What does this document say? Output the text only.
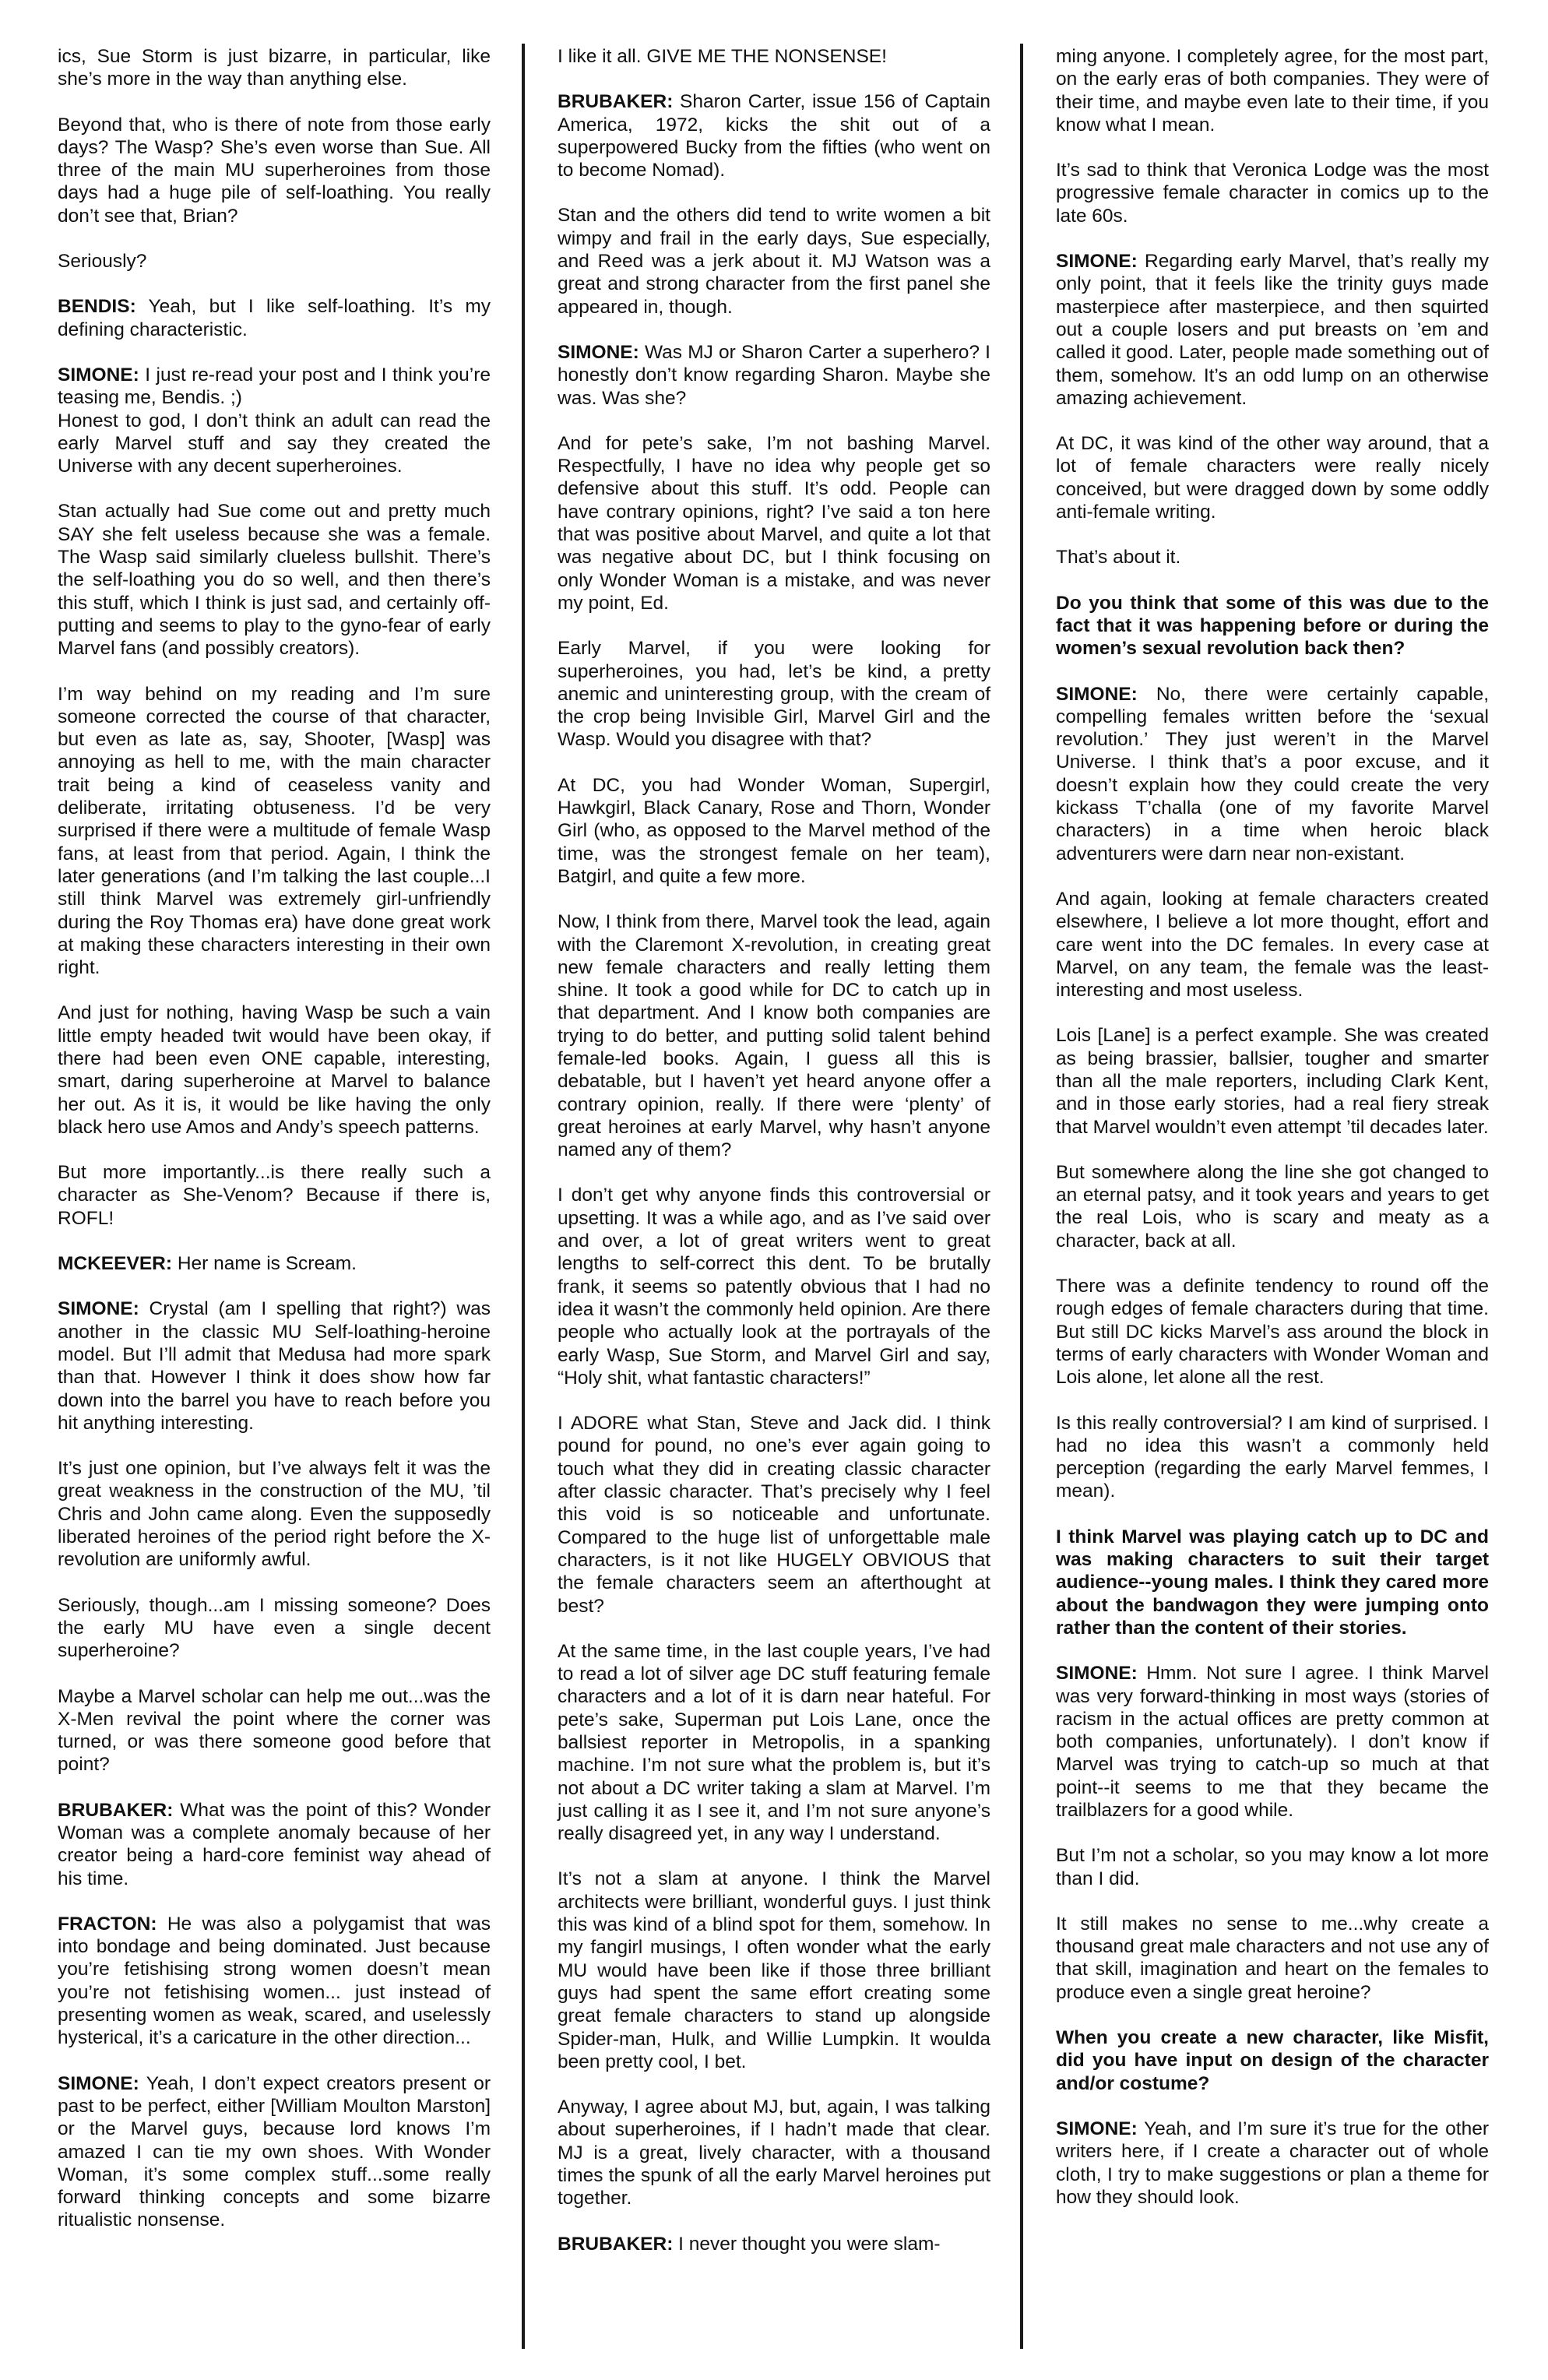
ics, Sue Storm is just bizarre, in particular, like she’s more in the way than anything else.

Beyond that, who is there of note from those early days? The Wasp? She’s even worse than Sue. All three of the main MU superheroines from those days had a huge pile of self-loathing. You really don’t see that, Brian?

Seriously?

BENDIS: Yeah, but I like self-loathing. It’s my defining characteristic.

SIMONE: I just re-read your post and I think you’re teasing me, Bendis. ;)

Honest to god, I don’t think an adult can read the early Marvel stuff and say they created the Universe with any decent superheroines.

Stan actually had Sue come out and pretty much SAY she felt useless because she was a female. The Wasp said similarly clueless bullshit. There’s the self-loathing you do so well, and then there’s this stuff, which I think is just sad, and certainly off-putting and seems to play to the gyno-fear of early Marvel fans (and possibly creators).

I’m way behind on my reading and I’m sure someone corrected the course of that character, but even as late as, say, Shooter, [Wasp] was annoying as hell to me, with the main character trait being a kind of ceaseless vanity and deliberate, irritating obtuseness. I’d be very surprised if there were a multitude of female Wasp fans, at least from that period. Again, I think the later generations (and I’m talking the last couple...I still think Marvel was extremely girl-unfriendly during the Roy Thomas era) have done great work at making these characters interesting in their own right.

And just for nothing, having Wasp be such a vain little empty headed twit would have been okay, if there had been even ONE capable, interesting, smart, daring superheroine at Marvel to balance her out. As it is, it would be like having the only black hero use Amos and Andy’s speech patterns.

But more importantly...is there really such a character as She-Venom? Because if there is, ROFL!

MCKEEVER: Her name is Scream.

SIMONE: Crystal (am I spelling that right?) was another in the classic MU Self-loathing-heroine model. But I’ll admit that Medusa had more spark than that. However I think it does show how far down into the barrel you have to reach before you hit anything interesting.

It’s just one opinion, but I’ve always felt it was the great weakness in the construction of the MU, ’til Chris and John came along. Even the supposedly liberated heroines of the period right before the X-revolution are uniformly awful.

Seriously, though...am I missing someone? Does the early MU have even a single decent superheroine?

Maybe a Marvel scholar can help me out...was the X-Men revival the point where the corner was turned, or was there someone good before that point?

BRUBAKER: What was the point of this? Wonder Woman was a complete anomaly because of her creator being a hard-core feminist way ahead of his time.

FRACTON: He was also a polygamist that was into bondage and being dominated. Just because you’re fetishising strong women doesn’t mean you’re not fetishising women... just instead of presenting women as weak, scared, and uselessly hysterical, it’s a caricature in the other direction...

SIMONE: Yeah, I don’t expect creators present or past to be perfect, either [William Moulton Marston] or the Marvel guys, because lord knows I’m amazed I can tie my own shoes. With Wonder Woman, it’s some complex stuff...some really forward thinking concepts and some bizarre ritualistic nonsense.

I like it all. GIVE ME THE NONSENSE!

BRUBAKER: Sharon Carter, issue 156 of Captain America, 1972, kicks the shit out of a superpowered Bucky from the fifties (who went on to become Nomad).

Stan and the others did tend to write women a bit wimpy and frail in the early days, Sue especially, and Reed was a jerk about it. MJ Watson was a great and strong character from the first panel she appeared in, though.

SIMONE: Was MJ or Sharon Carter a superhero? I honestly don’t know regarding Sharon. Maybe she was. Was she?

And for pete’s sake, I’m not bashing Marvel. Respectfully, I have no idea why people get so defensive about this stuff. It’s odd. People can have contrary opinions, right? I’ve said a ton here that was positive about Marvel, and quite a lot that was negative about DC, but I think focusing on only Wonder Woman is a mistake, and was never my point, Ed.

Early Marvel, if you were looking for superheroines, you had, let’s be kind, a pretty anemic and uninteresting group, with the cream of the crop being Invisible Girl, Marvel Girl and the Wasp. Would you disagree with that?

At DC, you had Wonder Woman, Supergirl, Hawkgirl, Black Canary, Rose and Thorn, Wonder Girl (who, as opposed to the Marvel method of the time, was the strongest female on her team), Batgirl, and quite a few more.

Now, I think from there, Marvel took the lead, again with the Claremont X-revolution, in creating great new female characters and really letting them shine. It took a good while for DC to catch up in that department. And I know both companies are trying to do better, and putting solid talent behind female-led books. Again, I guess all this is debatable, but I haven’t yet heard anyone offer a contrary opinion, really. If there were ‘plenty’ of great heroines at early Marvel, why hasn’t anyone named any of them?

I don’t get why anyone finds this controversial or upsetting. It was a while ago, and as I’ve said over and over, a lot of great writers went to great lengths to self-correct this dent. To be brutally frank, it seems so patently obvious that I had no idea it wasn’t the commonly held opinion. Are there people who actually look at the portrayals of the early Wasp, Sue Storm, and Marvel Girl and say, “Holy shit, what fantastic characters!”

I ADORE what Stan, Steve and Jack did. I think pound for pound, no one’s ever again going to touch what they did in creating classic character after classic character. That’s precisely why I feel this void is so noticeable and unfortunate. Compared to the huge list of unforgettable male characters, is it not like HUGELY OBVIOUS that the female characters seem an afterthought at best?

At the same time, in the last couple years, I’ve had to read a lot of silver age DC stuff featuring female characters and a lot of it is darn near hateful. For pete’s sake, Superman put Lois Lane, once the ballsiest reporter in Metropolis, in a spanking machine. I’m not sure what the problem is, but it’s not about a DC writer taking a slam at Marvel. I’m just calling it as I see it, and I’m not sure anyone’s really disagreed yet, in any way I understand.

It’s not a slam at anyone. I think the Marvel architects were brilliant, wonderful guys. I just think this was kind of a blind spot for them, somehow. In my fangirl musings, I often wonder what the early MU would have been like if those three brilliant guys had spent the same effort creating some great female characters to stand up alongside Spider-man, Hulk, and Willie Lumpkin. It woulda been pretty cool, I bet.

Anyway, I agree about MJ, but, again, I was talking about superheroines, if I hadn’t made that clear. MJ is a great, lively character, with a thousand times the spunk of all the early Marvel heroines put together.

BRUBAKER: I never thought you were slam-

ming anyone. I completely agree, for the most part, on the early eras of both companies. They were of their time, and maybe even late to their time, if you know what I mean.

It’s sad to think that Veronica Lodge was the most progressive female character in comics up to the late 60s.

SIMONE: Regarding early Marvel, that’s really my only point, that it feels like the trinity guys made masterpiece after masterpiece, and then squirted out a couple losers and put breasts on ’em and called it good. Later, people made something out of them, somehow. It’s an odd lump on an otherwise amazing achievement.

At DC, it was kind of the other way around, that a lot of female characters were really nicely conceived, but were dragged down by some oddly anti-female writing.

That’s about it.

Do you think that some of this was due to the fact that it was happening before or during the women’s sexual revolution back then?

SIMONE: No, there were certainly capable, compelling females written before the ‘sexual revolution.’ They just weren’t in the Marvel Universe. I think that’s a poor excuse, and it doesn’t explain how they could create the very kickass T’challa (one of my favorite Marvel characters) in a time when heroic black adventurers were darn near non-existant.

And again, looking at female characters created elsewhere, I believe a lot more thought, effort and care went into the DC females. In every case at Marvel, on any team, the female was the least-interesting and most useless.

Lois [Lane] is a perfect example. She was created as being brassier, ballsier, tougher and smarter than all the male reporters, including Clark Kent, and in those early stories, had a real fiery streak that Marvel wouldn’t even attempt ’til decades later.

But somewhere along the line she got changed to an eternal patsy, and it took years and years to get the real Lois, who is scary and meaty as a character, back at all.

There was a definite tendency to round off the rough edges of female characters during that time. But still DC kicks Marvel’s ass around the block in terms of early characters with Wonder Woman and Lois alone, let alone all the rest.

Is this really controversial? I am kind of surprised. I had no idea this wasn’t a commonly held perception (regarding the early Marvel femmes, I mean).

I think Marvel was playing catch up to DC and was making characters to suit their target audience--young males. I think they cared more about the bandwagon they were jumping onto rather than the content of their stories.

SIMONE: Hmm. Not sure I agree. I think Marvel was very forward-thinking in most ways (stories of racism in the actual offices are pretty common at both companies, unfortunately). I don’t know if Marvel was trying to catch-up so much at that point--it seems to me that they became the trailblazers for a good while.

But I’m not a scholar, so you may know a lot more than I did.

It still makes no sense to me...why create a thousand great male characters and not use any of that skill, imagination and heart on the females to produce even a single great heroine?

When you create a new character, like Misfit, did you have input on design of the character and/or costume?

SIMONE: Yeah, and I’m sure it’s true for the other writers here, if I create a character out of whole cloth, I try to make suggestions or plan a theme for how they should look.
